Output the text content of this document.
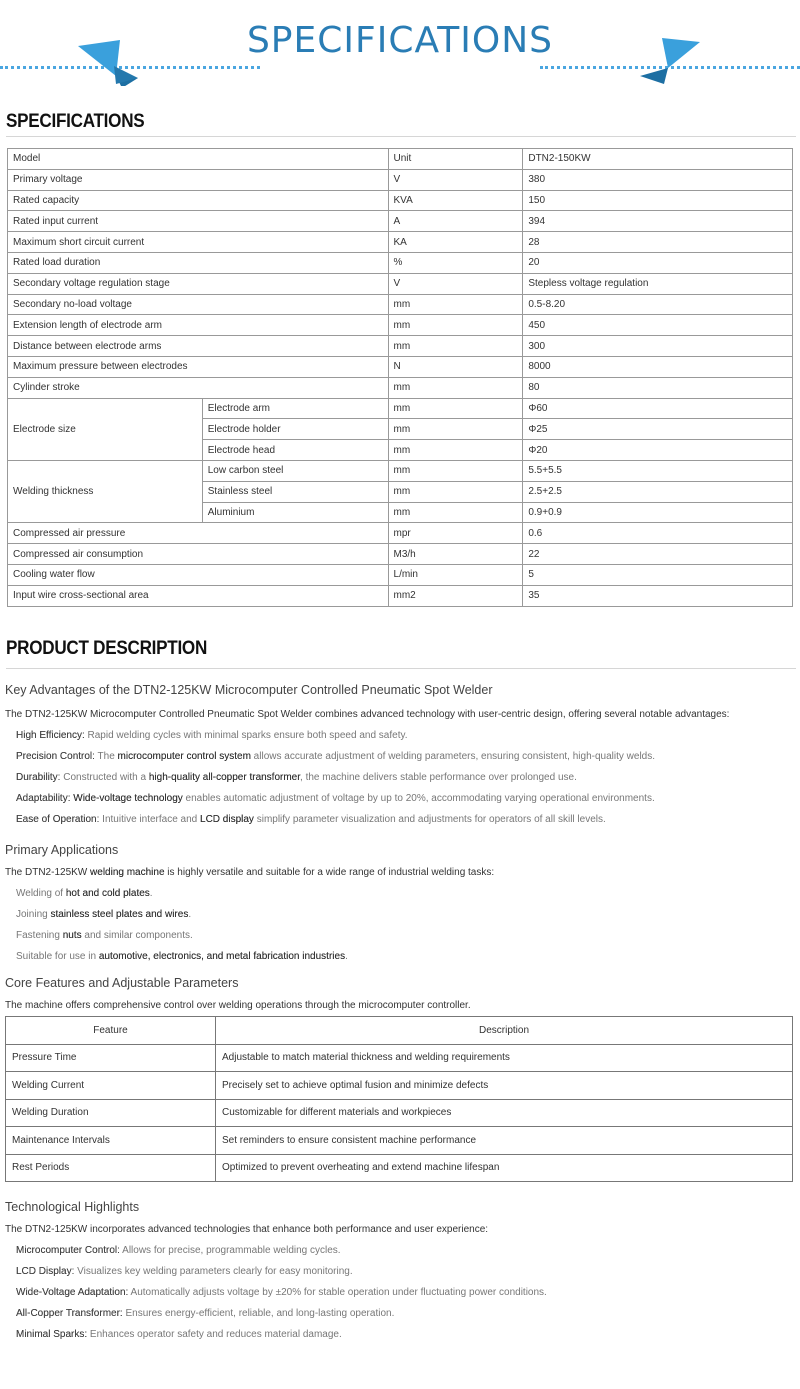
SPECIFICATIONS
SPECIFICATIONS
Model		Unit	DTN2-150KW
Primary voltage		V	380
Rated capacity		KVA	150
Rated input current		A	394
Maximum short circuit current		KA	28
Rated load duration		%	20
Secondary voltage regulation stage		V	Stepless voltage regulation
Secondary no-load voltage		mm	0.5-8.20
Extension length of electrode arm		mm	450
Distance between electrode arms		mm	300
Maximum pressure between electrodes		N	8000
Cylinder stroke		mm	80
Electrode size	Electrode arm	mm	Φ60
	Electrode holder	mm	Φ25
	Electrode head	mm	Φ20
Welding thickness	Low carbon steel	mm	5.5+5.5
	Stainless steel	mm	2.5+2.5
	Aluminium	mm	0.9+0.9
Compressed air pressure		mpr	0.6
Compressed air consumption		M3/h	22
Cooling water flow		L/min	5
Input wire cross-sectional area		mm2	35
PRODUCT DESCRIPTION
Key Advantages of the DTN2-125KW Microcomputer Controlled Pneumatic Spot Welder
The DTN2-125KW Microcomputer Controlled Pneumatic Spot Welder combines advanced technology with user-centric design, offering several notable advantages:
High Efficiency: Rapid welding cycles with minimal sparks ensure both speed and safety.
Precision Control: The microcomputer control system allows accurate adjustment of welding parameters, ensuring consistent, high-quality welds.
Durability: Constructed with a high-quality all-copper transformer, the machine delivers stable performance over prolonged use.
Adaptability: Wide-voltage technology enables automatic adjustment of voltage by up to 20%, accommodating varying operational environments.
Ease of Operation: Intuitive interface and LCD display simplify parameter visualization and adjustments for operators of all skill levels.
Primary Applications
The DTN2-125KW welding machine is highly versatile and suitable for a wide range of industrial welding tasks:
Welding of hot and cold plates.
Joining stainless steel plates and wires.
Fastening nuts and similar components.
Suitable for use in automotive, electronics, and metal fabrication industries.
Core Features and Adjustable Parameters
The machine offers comprehensive control over welding operations through the microcomputer controller.
Feature	Description
Pressure Time	Adjustable to match material thickness and welding requirements
Welding Current	Precisely set to achieve optimal fusion and minimize defects
Welding Duration	Customizable for different materials and workpieces
Maintenance Intervals	Set reminders to ensure consistent machine performance
Rest Periods	Optimized to prevent overheating and extend machine lifespan
Technological Highlights
The DTN2-125KW incorporates advanced technologies that enhance both performance and user experience:
Microcomputer Control: Allows for precise, programmable welding cycles.
LCD Display: Visualizes key welding parameters clearly for easy monitoring.
Wide-Voltage Adaptation: Automatically adjusts voltage by ±20% for stable operation under fluctuating power conditions.
All-Copper Transformer: Ensures energy-efficient, reliable, and long-lasting operation.
Minimal Sparks: Enhances operator safety and reduces material damage.
